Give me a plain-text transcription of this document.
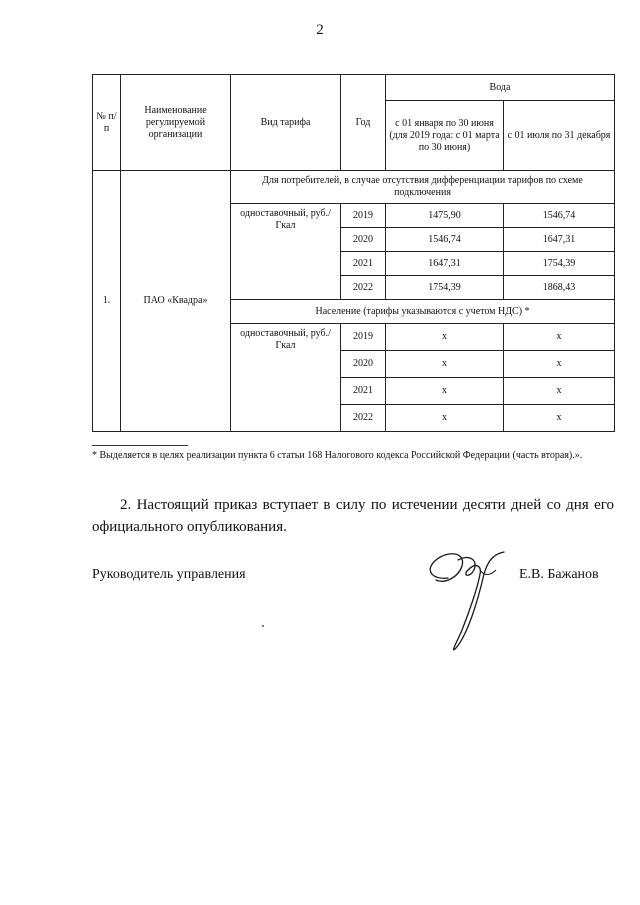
2
№ п/п	Наименование регулируемой организации	Вид тарифа	Год	Вода	
				с 01 января по 30 июня (для 2019 года: с 01 марта по 30 июня)	с 01 июля по 31 декабря
1.	ПАО «Квадра»	Для потребителей, в случае отсутствия дифференциации тарифов по схеме подключения			
		одноставочный, руб./Гкал	2019	1475,90	1546,74
			2020	1546,74	1647,31
			2021	1647,31	1754,39
			2022	1754,39	1868,43
		Население (тарифы указываются с учетом НДС) *			
		одноставочный, руб./Гкал	2019	х	х
			2020	х	х
			2021	х	х
			2022	х	х
* Выделяется в целях реализации пункта 6 статьи 168 Налогового кодекса Российской Федерации (часть вторая).».
2. Настоящий приказ вступает в силу по истечении десяти дней со дня его официального опубликования.
Руководитель управления	Е.В. Бажанов
